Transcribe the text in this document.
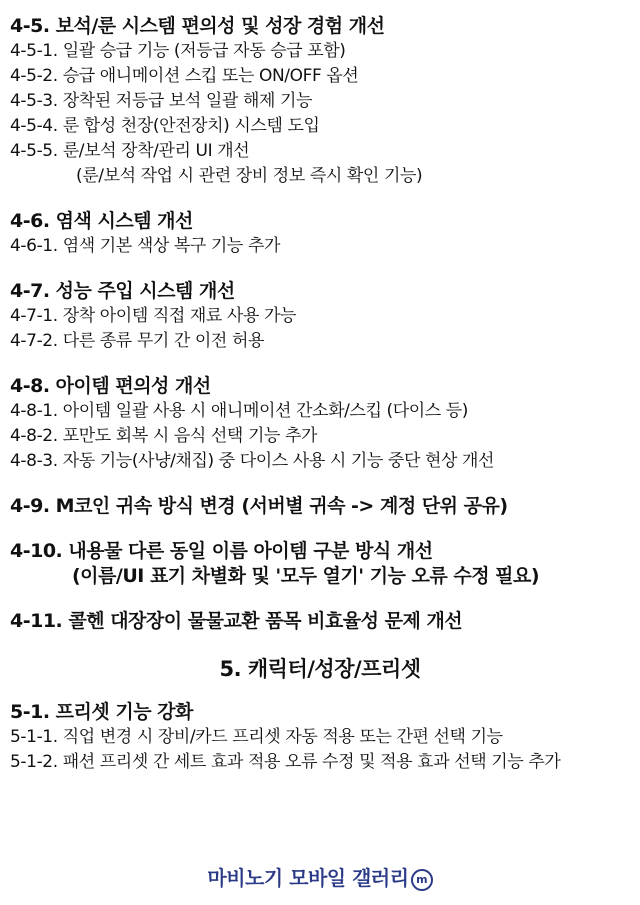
4-5. 보석/룬 시스템 편의성 및 성장 경험 개선
4-5-1. 일괄 승급 기능 (저등급 자동 승급 포함)
4-5-2. 승급 애니메이션 스킵 또는 ON/OFF 옵션
4-5-3. 장착된 저등급 보석 일괄 해제 기능
4-5-4. 룬 합성 천장(안전장치) 시스템 도입
4-5-5. 룬/보석 장착/관리 UI 개선
(룬/보석 작업 시 관련 장비 정보 즉시 확인 기능)
4-6. 염색 시스템 개선
4-6-1. 염색 기본 색상 복구 기능 추가
4-7. 성능 주입 시스템 개선
4-7-1. 장착 아이템 직접 재료 사용 가능
4-7-2. 다른 종류 무기 간 이전 허용
4-8. 아이템 편의성 개선
4-8-1. 아이템 일괄 사용 시 애니메이션 간소화/스킵 (다이스 등)
4-8-2. 포만도 회복 시 음식 선택 기능 추가
4-8-3. 자동 기능(사냥/채집) 중 다이스 사용 시 기능 중단 현상 개선
4-9. M코인 귀속 방식 변경 (서버별 귀속 -> 계정 단위 공유)
4-10. 내용물 다른 동일 이름 아이템 구분 방식 개선
(이름/UI 표기 차별화 및 '모두 열기' 기능 오류 수정 필요)
4-11. 콜헨 대장장이 물물교환 품목 비효율성 문제 개선
5. 캐릭터/성장/프리셋
5-1. 프리셋 기능 강화
5-1-1. 직업 변경 시 장비/카드 프리셋 자동 적용 또는 간편 선택 기능
5-1-2. 패션 프리셋 간 세트 효과 적용 오류 수정 및 적용 효과 선택 기능 추가
마비노기 모바일 갤러리 m
